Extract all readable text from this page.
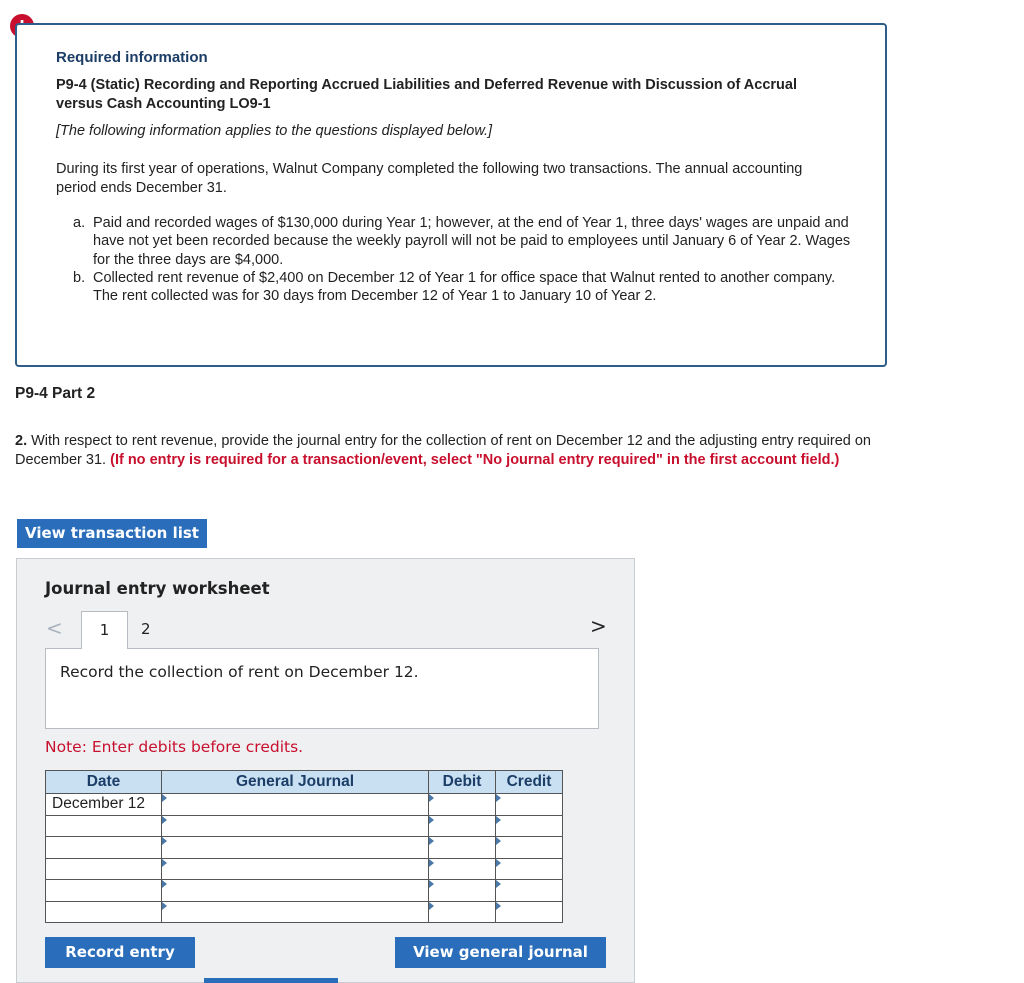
Required information
P9-4 (Static) Recording and Reporting Accrued Liabilities and Deferred Revenue with Discussion of Accrual versus Cash Accounting LO9-1
[The following information applies to the questions displayed below.]
During its first year of operations, Walnut Company completed the following two transactions. The annual accounting period ends December 31.
a. Paid and recorded wages of $130,000 during Year 1; however, at the end of Year 1, three days' wages are unpaid and have not yet been recorded because the weekly payroll will not be paid to employees until January 6 of Year 2. Wages for the three days are $4,000.
b. Collected rent revenue of $2,400 on December 12 of Year 1 for office space that Walnut rented to another company. The rent collected was for 30 days from December 12 of Year 1 to January 10 of Year 2.
P9-4 Part 2
2. With respect to rent revenue, provide the journal entry for the collection of rent on December 12 and the adjusting entry required on December 31. (If no entry is required for a transaction/event, select "No journal entry required" in the first account field.)
View transaction list
Journal entry worksheet
<	1	2	>
Record the collection of rent on December 12.
Note: Enter debits before credits.
Date	General Journal	Debit	Credit
December 12	

Record entry	View general journal
